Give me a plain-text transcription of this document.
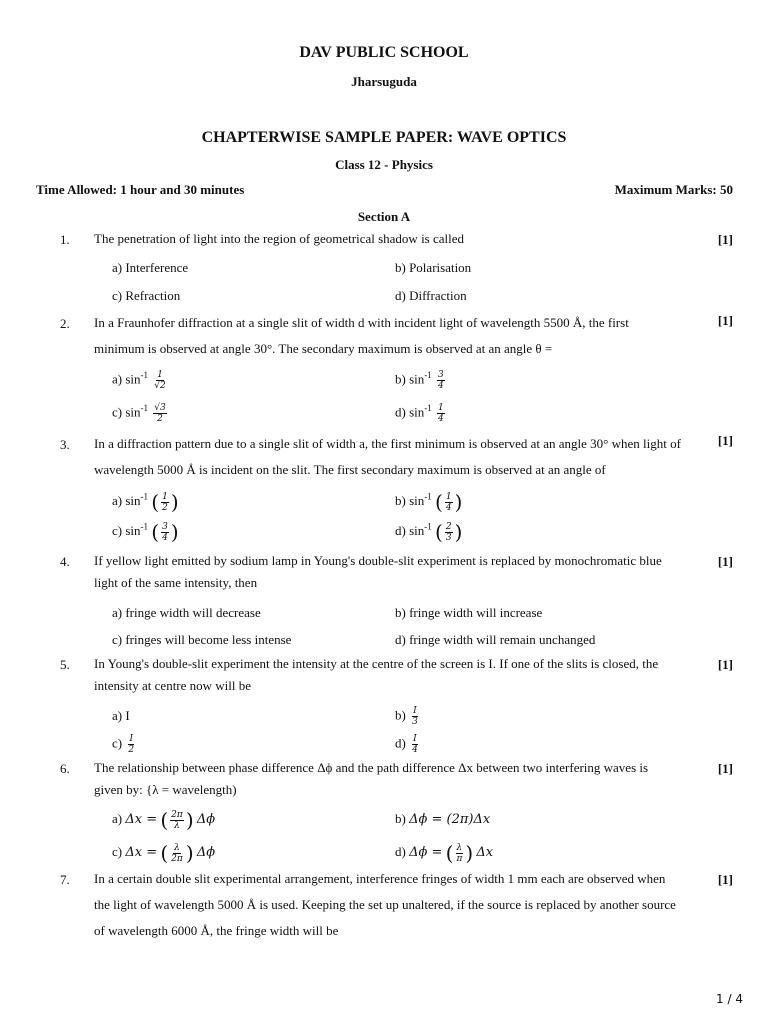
DAV PUBLIC SCHOOL
Jharsuguda
CHAPTERWISE SAMPLE PAPER: WAVE OPTICS
Class 12 - Physics
Time Allowed: 1 hour and 30 minutes	Maximum Marks: 50
Section A
1.	The penetration of light into the region of geometrical shadow is called	[1]
a) Interference	b) Polarisation
c) Refraction	d) Diffraction
2.	In a Fraunhofer diffraction at a single slit of width d with incident light of wavelength 5500 Å, the first
minimum is observed at angle 30°. The secondary maximum is observed at an angle θ =
[1]
a) $\sin^{-1} \frac{1}{√2}$	b) $\sin^{-1} \frac{3}{4}$
c) $\sin^{-1} \frac{√3}{2}$	d) $\sin^{-1} \frac{1}{4}$
3.	In a diffraction pattern due to a single slit of width a, the first minimum is observed at an angle 30° when light of
wavelength 5000 Å is incident on the slit. The first secondary maximum is observed at an angle of
[1]
a) $\sin^{-1}$ ( $\frac{1}{2}$ )	b) $\sin^{-1}$ ( $\frac{1}{4}$ )
c) $\sin^{-1}$ ( $\frac{3}{4}$ )	d) $\sin^{-1}$ ( $\frac{2}{3}$ )
4.	If yellow light emitted by sodium lamp in Young's double-slit experiment is replaced by monochromatic blue
light of the same intensity, then
[1]
a) fringe width will decrease	b) fringe width will increase
c) fringes will become less intense	d) fringe width will remain unchanged
5.	In Young's double-slit experiment the intensity at the centre of the screen is I. If one of the slits is closed, the
intensity at centre now will be
[1]
a) I	$b) \frac{I}{3}$
$c) \frac{I}{2}$	$d) \frac{I}{4}$
6.	The relationship between phase difference Δϕ and the path difference Δx between two interfering waves is
given by: {λ = wavelength)
[1]
a) Δx = ( $\frac{2\pi}{\lambda}$ ) Δϕ	b) Δϕ = (2π)Δx
c) Δx = ( $\frac{\lambda}{2\pi}$ ) Δϕ	d) Δϕ = ( $\frac{\lambda}{\pi}$ ) Δx
7.	In a certain double slit experimental arrangement, interference fringes of width 1 mm each are observed when
the light of wavelength 5000 Å is used. Keeping the set up unaltered, if the source is replaced by another source
of wavelength 6000 Å, the fringe width will be
[1]
1 / 4
